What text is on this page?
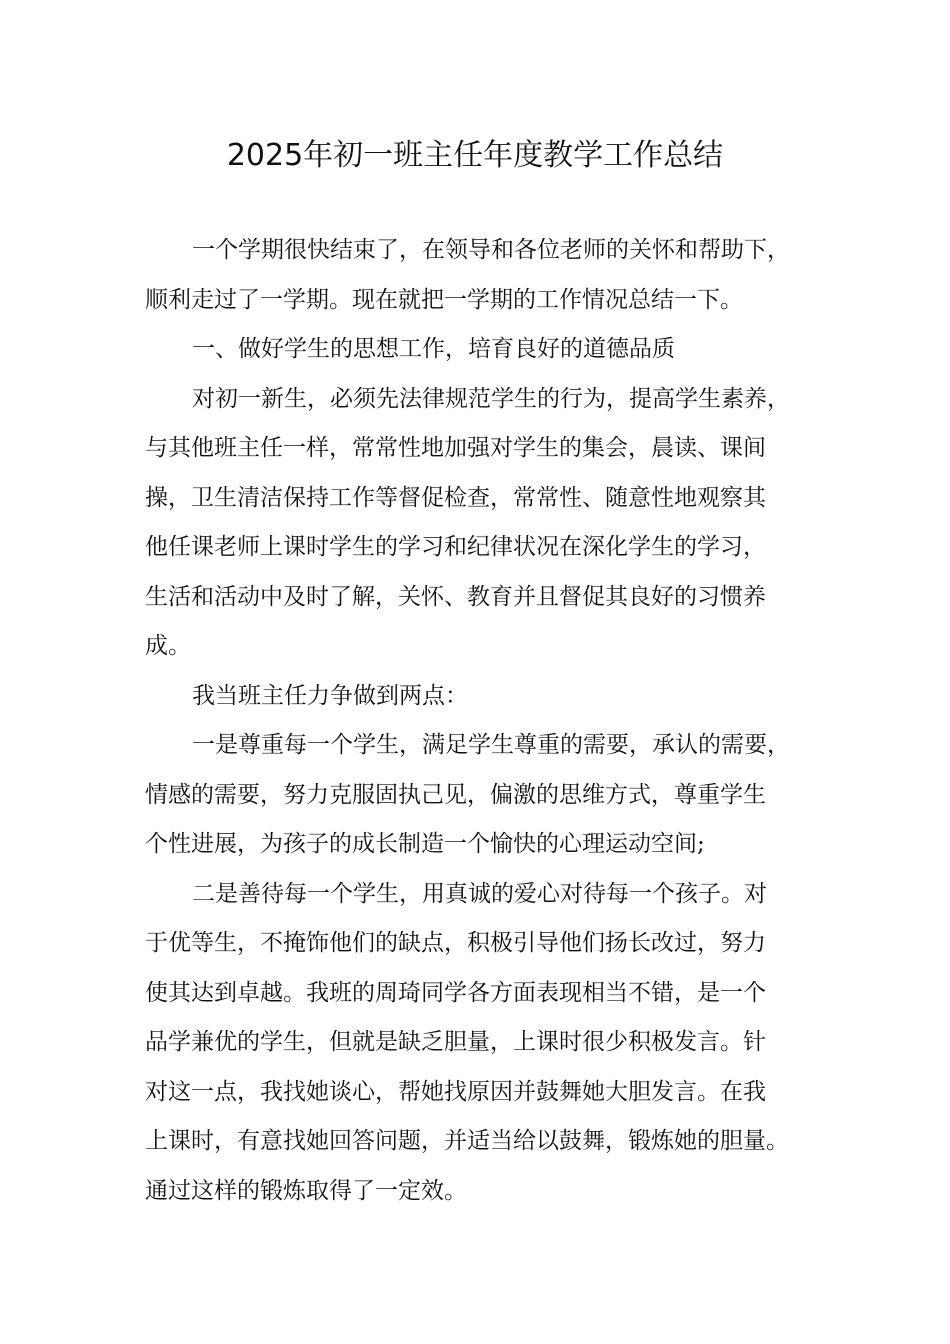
2025年初一班主任年度教学工作总结
一个学期很快结束了，在领导和各位老师的关怀和帮助下，
顺利走过了一学期。现在就把一学期的工作情况总结一下。
一、做好学生的思想工作，培育良好的道德品质
对初一新生，必须先法律规范学生的行为，提高学生素养，
与其他班主任一样，常常性地加强对学生的集会，晨读、课间
操，卫生清洁保持工作等督促检查，常常性、随意性地观察其
他任课老师上课时学生的学习和纪律状况在深化学生的学习，
生活和活动中及时了解，关怀、教育并且督促其良好的习惯养
成。
我当班主任力争做到两点：
一是尊重每一个学生，满足学生尊重的需要，承认的需要，
情感的需要，努力克服固执己见，偏激的思维方式，尊重学生
个性进展，为孩子的成长制造一个愉快的心理运动空间;
二是善待每一个学生，用真诚的爱心对待每一个孩子。对
于优等生，不掩饰他们的缺点，积极引导他们扬长改过，努力
使其达到卓越。我班的周琦同学各方面表现相当不错，是一个
品学兼优的学生，但就是缺乏胆量，上课时很少积极发言。针
对这一点，我找她谈心，帮她找原因并鼓舞她大胆发言。在我
上课时，有意找她回答问题，并适当给以鼓舞，锻炼她的胆量。
通过这样的锻炼取得了一定效。
